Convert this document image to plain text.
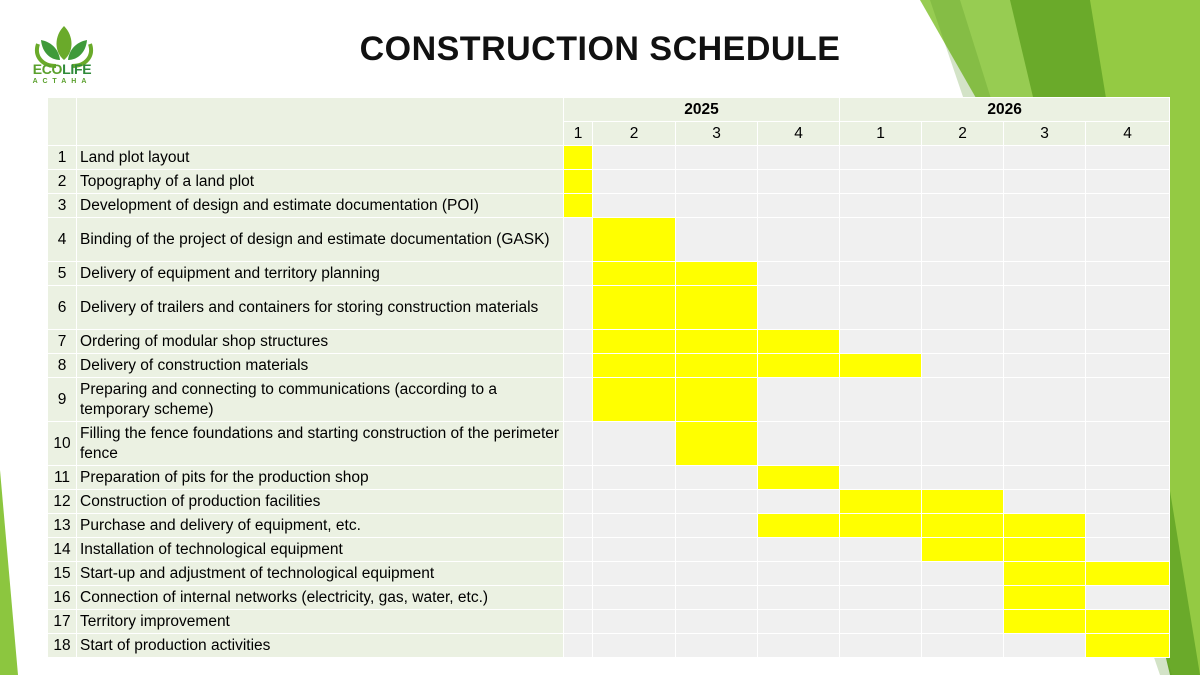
ECOLIFE
АСТАНА
CONSTRUCTION SCHEDULE
		2025				2026			
		1	2	3	4	1	2	3	4
1	Land plot layout								
2	Topography of a land plot								
3	Development of design and estimate documentation (POI)								
4	Binding of the project of design and estimate documentation (GASK)								
5	Delivery of equipment and territory planning								
6	Delivery of trailers and containers for storing construction materials								
7	Ordering of modular shop structures								
8	Delivery of construction materials								
9	Preparing and connecting to communications (according to a temporary scheme)								
10	Filling the fence foundations and starting construction of the perimeter fence								
11	Preparation of pits for the production shop								
12	Construction of production facilities								
13	Purchase and delivery of equipment, etc.								
14	Installation of technological equipment								
15	Start-up and adjustment of technological equipment								
16	Connection of internal networks (electricity, gas, water, etc.)								
17	Territory improvement								
18	Start of production activities								
